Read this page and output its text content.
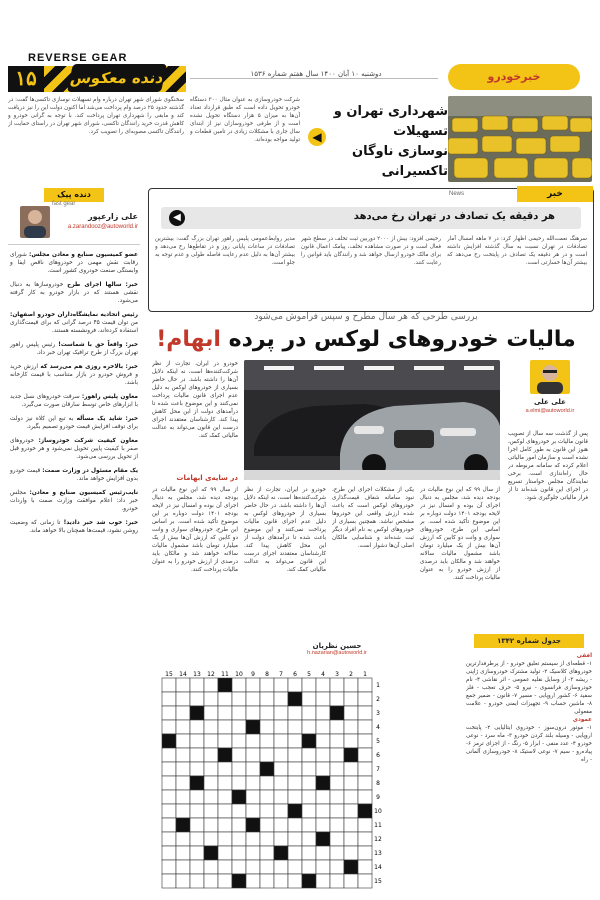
REVERSE GEAR
۱۵	دنده معکوس	دوشنبه ۱۰ آبان ۱۴۰۰ سال هفتم شماره ۱۵۳۶	خبرخودرو
سخنگوی شورای شهر تهران درباره وام تسهیلات نوسازی تاکسی‌ها گفت: در گذشته حدود ۲۵ درصد وام پرداخت می‌شد اما اکنون دولت این را نیز دریافت کند و مابقی را شهرداری تهران پرداخت کند. با توجه به گرانی خودرو و کاهش قدرت خرید رانندگان تاکسی، شورای شهر تهران در راستای حمایت از رانندگان تاکسی مصوبه‌ای را تصویب کرد.
شرکت خودروسازی به عنوان مثال ۳۰۰ دستگاه خودرو تحویل داده است که طبق قرارداد تعداد آن‌ها به میزان ۵ هزار دستگاه تحویل نشده است و از طرفی خودروسازان نیز از ابتدای سال جاری با مشکلات زیادی در تامین قطعات و تولید مواجه بوده‌اند.
شهرداری تهران و تسهیلات
نوسازی ناوگان تاکسیرانی
◀
خبر
News
هر دقیقه یک تصادف در تهران رخ می‌دهد
◀
سرهنگ نعمت‌الله رحیمی اظهار کرد: در ۷ ماهه امسال آمار تصادفات در تهران نسبت به سال گذشته افزایش داشته است و در هر دقیقه یک تصادف در پایتخت رخ می‌دهد که بیشتر آن‌ها خسارتی است.
رحیمی افزود: بیش از ۲۰۰۰ دوربین ثبت تخلف در سطح شهر فعال است و در صورت مشاهده تخلف، پیامک اعمال قانون برای مالک خودرو ارسال خواهد شد و رانندگان باید قوانین را رعایت کنند.
مدیر روابط‌عمومی پلیس راهور تهران بزرگ گفت: بیشترین تصادفات در ساعات پایانی روز و در تقاطع‌ها رخ می‌دهد و بیشتر آن‌ها به دلیل عدم رعایت فاصله طولی و عدم توجه به جلو است.
دنده پیک
fast gear
علی زارعپور
a.zarandooz@autoworld.ir
عضو کمیسیون صنایع و معادن مجلس: شورای رقابت نقش مهمی در خودروهای ناقص ایفا و وابستگی صنعت خودروی کشور است.
خبر: سالها اجرای طرح خودروسازها به دنبال نقشی هستند که در بازار خودرو به کار گرفته می‌شود.
رئیس اتحادیه نمایشگاه‌داران خودرو اصفهان: من توان قیمت ۴۵ درصد گرانی که برای قیمت‌گذاری استفاده کرده‌اند، فرونشسته هستند.
خبر: واقعاً حق با شماست! رئیس پلیس راهور تهران بزرگ از طرح ترافیک تهران خبر داد.
خبر: بالاخره روزی هم می‌رسد که ارزش خرید و فروش خودرو در بازار متناسب با قیمت کارخانه باشد.
معاون پلیس راهور: سرقت خودروهای نسل جدید با ابزارهای خاص توسط سارقان صورت می‌گیرد.
خبر: شاید یک مسأله به تبع این کلاه نیز دولت برای توقف افزایش قیمت خودرو تصمیم بگیرد.
معاون کیفیت شرکت خودروساز: خودروهای صفر با کیفیت پایین تحویل نمی‌شود و هر خودرو قبل از تحویل بررسی می‌شود.
یک مقام مسئول در وزارت صمت: قیمت خودرو بدون افزایش خواهد ماند.
نایب‌رئیس کمیسیون صنایع و معادن: مجلس خبر داد: اعلام موافقت وزارت صمت با واردات خودرو.
خبر: خوب شد خبر دادید! تا زمانی که وضعیت روشن نشود، قیمت‌ها همچنان بالا خواهد ماند.
بررسی طرحی که هر سال مطرح و سپس فراموش می‌شود
مالیات خودروهای لوکس در پرده ابهام!
علی علی
a.elmi@autoworld.ir
پس از گذشت سه سال از تصویب قانون مالیات بر خودروهای لوکس، هنوز این قانون به طور کامل اجرا نشده است و سازمان امور مالیاتی اعلام کرده که سامانه مربوطه در حال راه‌اندازی است. برخی نمایندگان مجلس خواستار تسریع در اجرای این قانون شده‌اند تا از فرار مالیاتی جلوگیری شود.
خودرو در ایران، تجارت از نظر شرکت‌کننده‌ها است، نه اینکه دلایل آن‌ها را داشته باشد. در حال حاضر بسیاری از خودروهای لوکس به دلیل عدم اجرای قانون مالیات پرداخت نمی‌کنند و این موضوع باعث شده تا درآمدهای دولت از این محل کاهش پیدا کند. کارشناسان معتقدند اجرای درست این قانون می‌تواند به عدالت مالیاتی کمک کند.
یکی از مشکلات اجرای این طرح، نبود سامانه شفاف قیمت‌گذاری خودروهای لوکس است که باعث شده ارزش واقعی این خودروها مشخص نباشد. همچنین بسیاری از خودروهای لوکس به نام افراد دیگر ثبت شده‌اند و شناسایی مالکان اصلی آن‌ها دشوار است.
از سال ۹۹ که این نوع مالیات در بودجه دیده شد، مجلس به دنبال اجرای آن بوده و امسال نیز در لایحه بودجه ۱۴۰۱ دولت دوباره بر این موضوع تأکید شده است. بر اساس این طرح، خودروهای سواری و وانت دو کابین که ارزش آن‌ها بیش از یک میلیارد تومان باشد مشمول مالیات سالانه خواهند شد و مالکان باید درصدی از ارزش خودرو را به عنوان مالیات پرداخت کنند.
خودرو در ایران، تجارت از نظر شرکت‌کننده‌ها است، نه اینکه دلایل آن‌ها را داشته باشد. در حال حاضر بسیاری از خودروهای لوکس به دلیل عدم اجرای قانون مالیات پرداخت نمی‌کنند و این موضوع باعث شده تا درآمدهای دولت از این محل کاهش پیدا کند. کارشناسان معتقدند اجرای درست این قانون می‌تواند به عدالت مالیاتی کمک کند.
در سایه‌ی ابهامات
از سال ۹۹ که این نوع مالیات در بودجه دیده شد، مجلس به دنبال اجرای آن بوده و امسال نیز در لایحه بودجه ۱۴۰۱ دولت دوباره بر این موضوع تأکید شده است. بر اساس این طرح، خودروهای سواری و وانت دو کابین که ارزش آن‌ها بیش از یک میلیارد تومان باشد مشمول مالیات سالانه خواهند شد و مالکان باید درصدی از ارزش خودرو را به عنوان مالیات پرداخت کنند.
جدول شماره ۱۳۴۲
افقی
۱- قطعه‌ای از سیستم تعلیق خودرو - از پرطرفدارترین خودروهای کلاسیک ۲- تولید مشترک خودروسازی ژاپنی - ریشه ۳- از وسایل نقلیه عمومی - اثر نقاشی ۴- نام خودروسازی فرانسوی - نیرو ۵- حرف تعجب - فلز سفید ۶- کشور اروپایی - مسیر ۷- قانون - ضمیر جمع ۸- ماشین حساب ۹- تجهیزات ایمنی خودرو - علامت مفعولی
عمودی
۱- موتور درون‌سوز - خودروی ایتالیایی ۲- پایتخت اروپایی - وسیله بلند کردن خودرو ۳- ماه سرد - نوعی خودرو ۴- عدد منفی - ابزار ۵- رنگ - از اجزای ترمز ۶- پیاده‌رو - سیم ۷- نوعی لاستیک ۸- خودروسازی آلمانی - راه
حسین نظریان
h.nazarian@autoworld.ir
1
2
3
4
5
6
7
8
9
10
11
12
13
14
15
1
2
3
4
5
6
7
8
9
10
11
12
13
14
15
